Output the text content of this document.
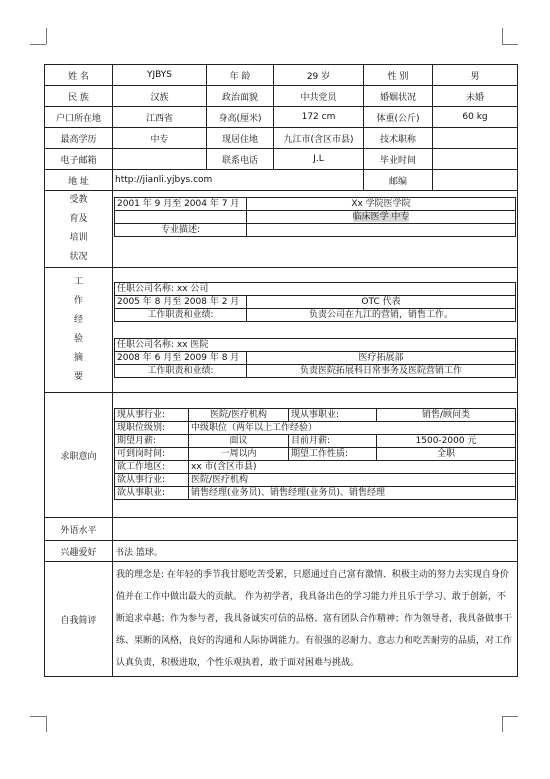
姓 名	YJBYS	年 龄	29 岁	性 别	男
民 族	汉族	政治面貌	中共党员	婚姻状况	未婚
户口所在地	江西省	身高(厘米)	172 cm	体重(公斤)	60 kg
最高学历	中专	现居住地	九江市(含区市县)	技术职称	
电子邮箱		联系电话	J.L	毕业时间	
地 址	http://jianli.yjbys.com	邮编	

受教
育及
培训
状况

2001 年 9 月至 2004 年 7 月	Xx 学院医学院
	临床医学 中专
专业描述:	

工
作
经
验
摘
要

任职公司名称: xx 公司
2005 年 8 月至 2008 年 2 月	OTC 代表
工作职责和业绩:	负责公司在九江的营销，销售工作。
任职公司名称: xx 医院
2008 年 6 月至 2009 年 8 月	医疗拓展部
工作职责和业绩:	负责医院拓展科日常事务及医院营销工作

求职意向	
现从事行业:	医院/医疗机构	现从事职业:	销售/顾问类
现职位级别:	中级职位（两年以上工作经验）
期望月薪:	面议	目前月薪:	1500-2000 元
可到岗时间:	一周以内	期望工作性质:	全职
欲工作地区:	xx 市(含区市县)
欲从事行业:	医院/医疗机构
欲从事职业:	销售经理(业务员)、销售经理(业务员)、销售经理

外语水平	
兴趣爱好	书法 篮球。
自我简评	我的理念是: 在年轻的季节我甘愿吃苦受累，只愿通过自己富有激情、积极主动的努力去实现自身价值并在工作中做出最大的贡献。 作为初学者，我具备出色的学习能力并且乐于学习、敢于创新，不断追求卓越；作为参与者，我具备诚实可信的品格、富有团队合作精神；作为领导者，我具备做事干练、果断的风格，良好的沟通和人际协调能力。有很强的忍耐力、意志力和吃苦耐劳的品质，对工作认真负责，积极进取，个性乐观执着，敢于面对困难与挑战。
